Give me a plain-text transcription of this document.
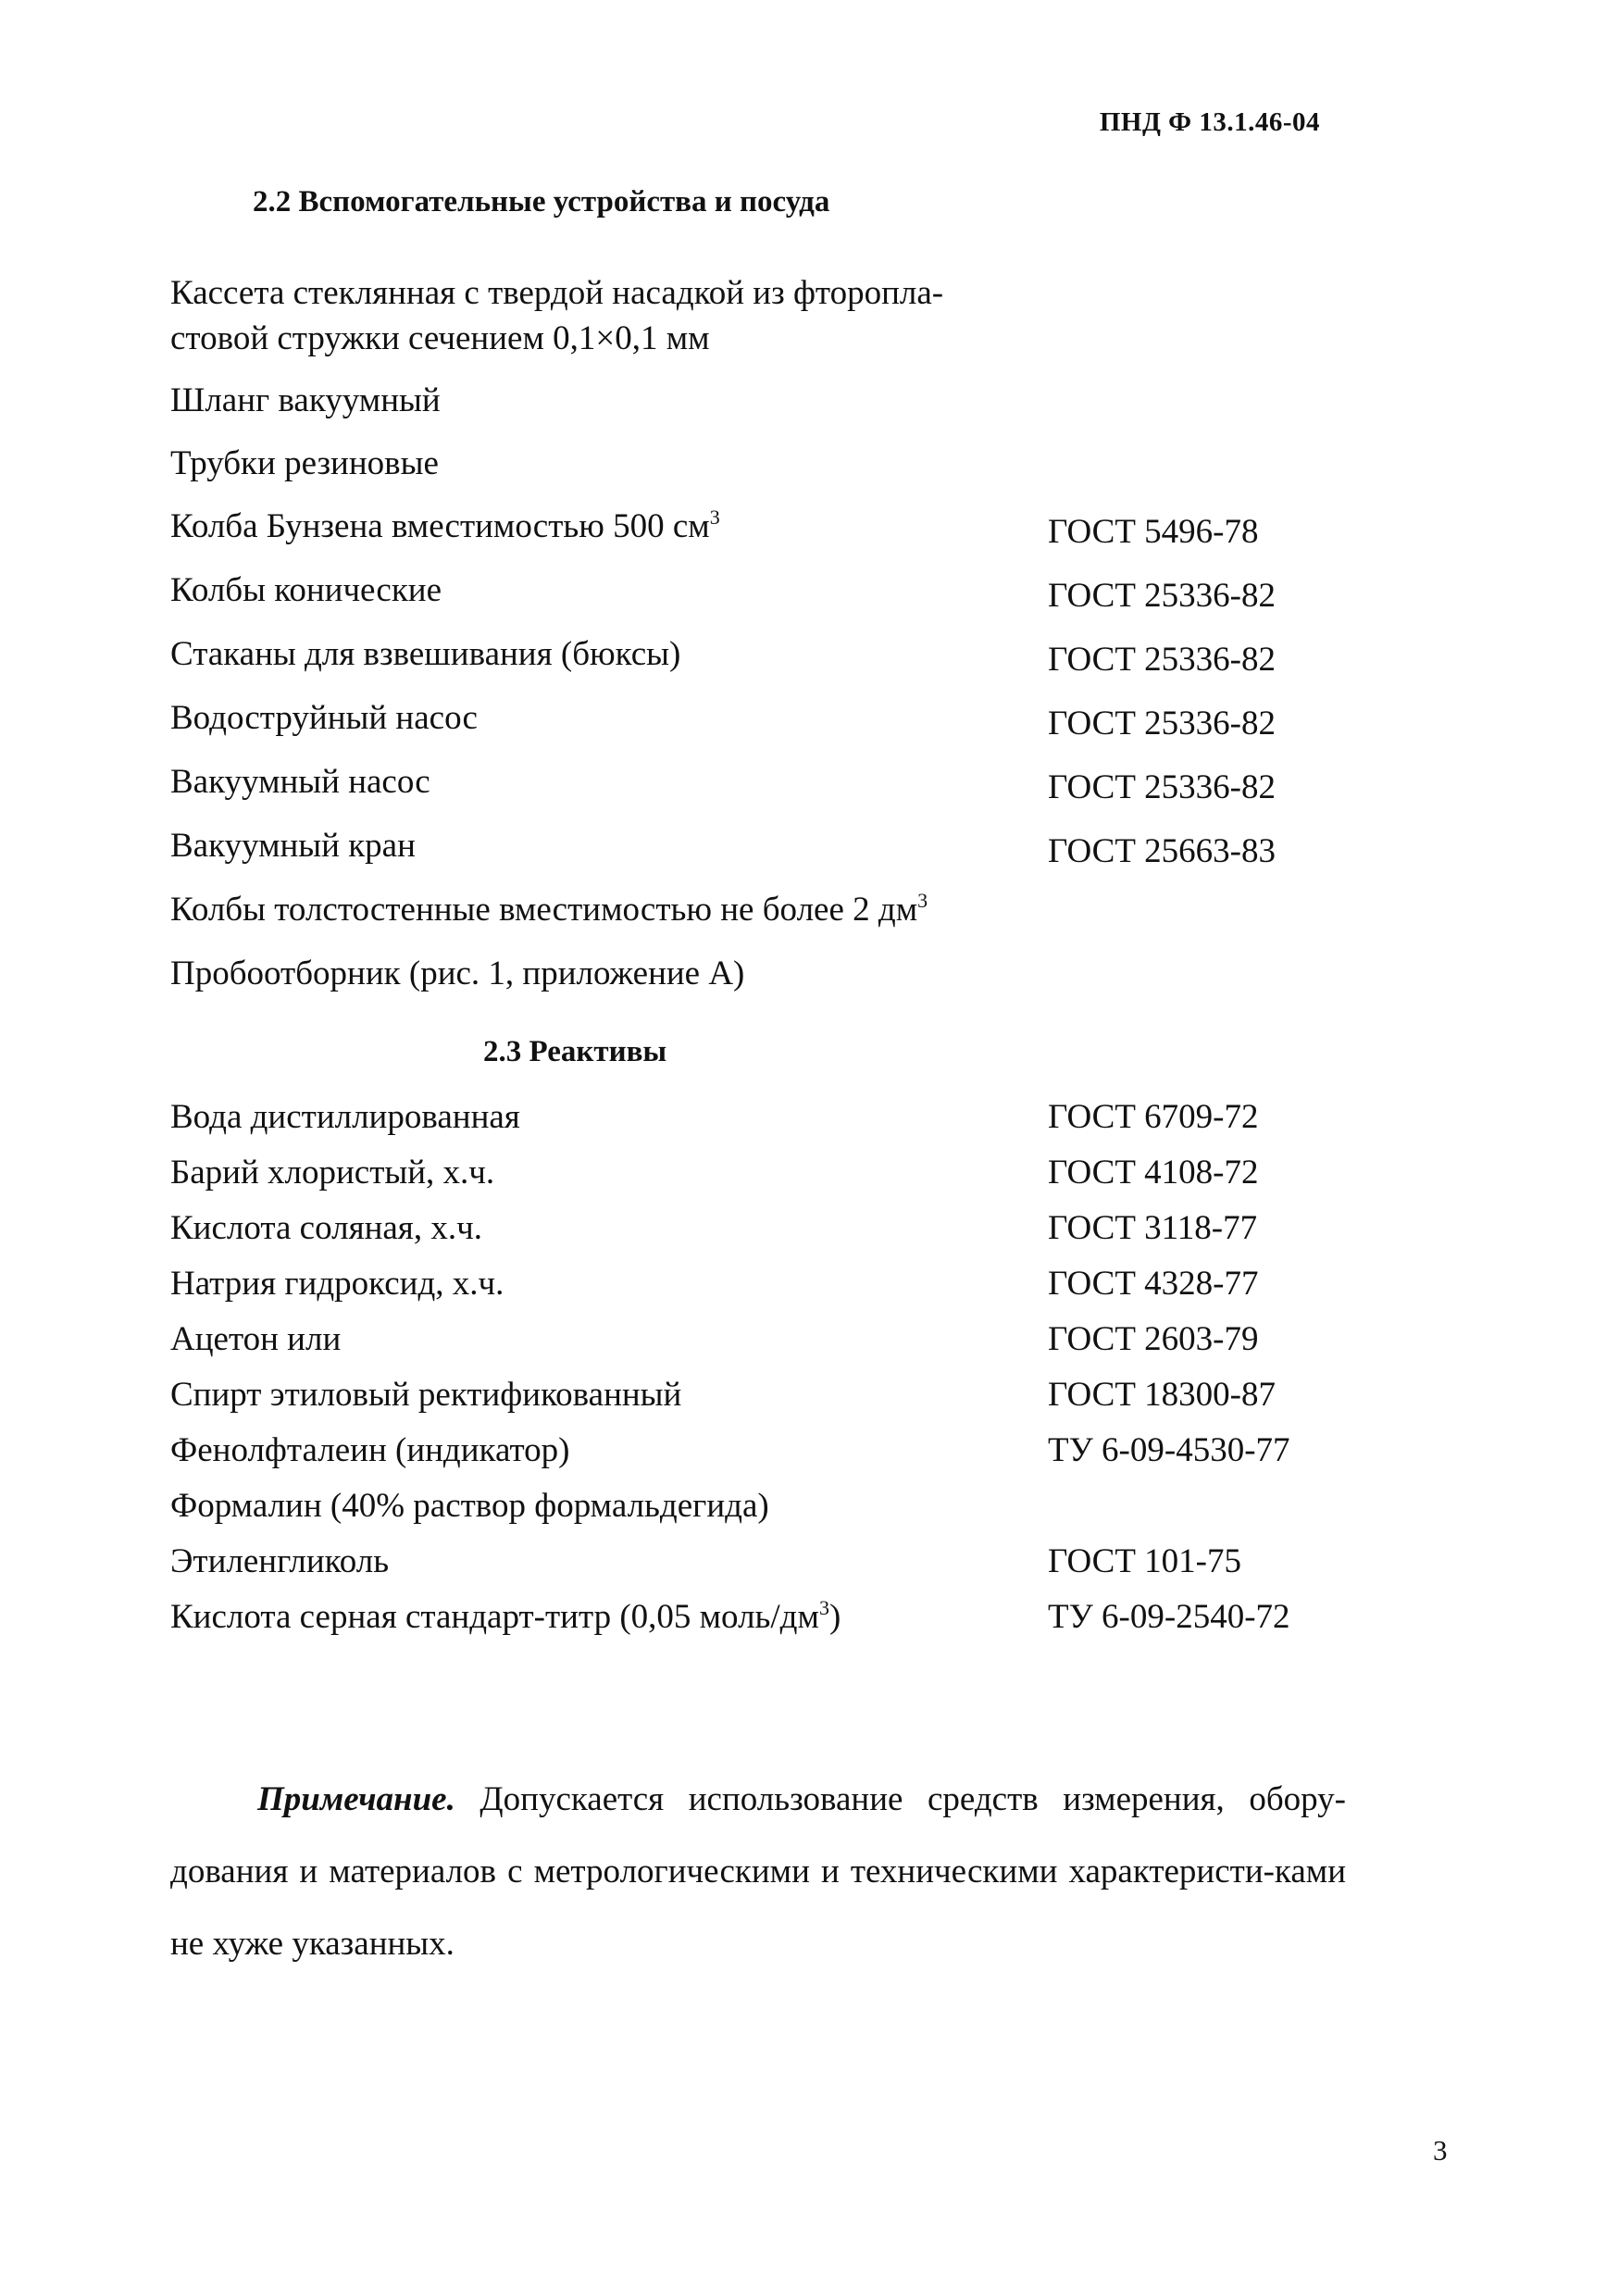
ПНД Ф 13.1.46-04
2.2 Вспомогательные устройства и посуда
Кассета стеклянная с твердой насадкой из фторопла-
стовой стружки сечением 0,1×0,1 мм
Шланг вакуумный
Трубки резиновые
Колба Бунзена вместимостью 500 $см^3$	ГОСТ 5496-78
Колбы конические	ГОСТ 25336-82
Стаканы для взвешивания (бюксы)	ГОСТ 25336-82
Водоструйный насос	ГОСТ 25336-82
Вакуумный насос	ГОСТ 25336-82
Вакуумный кран	ГОСТ 25663-83
Колбы толстостенные вместимостью не более 2 $дм^3$
Пробоотборник (рис. 1, приложение А)
2.3 Реактивы
Вода дистиллированная	ГОСТ 6709-72
Барий хлористый, х.ч.	ГОСТ 4108-72
Кислота соляная, х.ч.	ГОСТ 3118-77
Натрия гидроксид, х.ч.	ГОСТ 4328-77
Ацетон или	ГОСТ 2603-79
Спирт этиловый ректификованный	ГОСТ 18300-87
Фенолфталеин (индикатор)	ТУ 6-09-4530-77
Формалин (40% раствор формальдегида)
Этиленгликоль	ГОСТ 101-75
Кислота серная стандарт-титр (0,05 моль/$дм^3$)	ТУ 6-09-2540-72
Примечание. Допускается использование средств измерения, обору-дования и материалов с метрологическими и техническими характеристи-ками не хуже указанных.
3
